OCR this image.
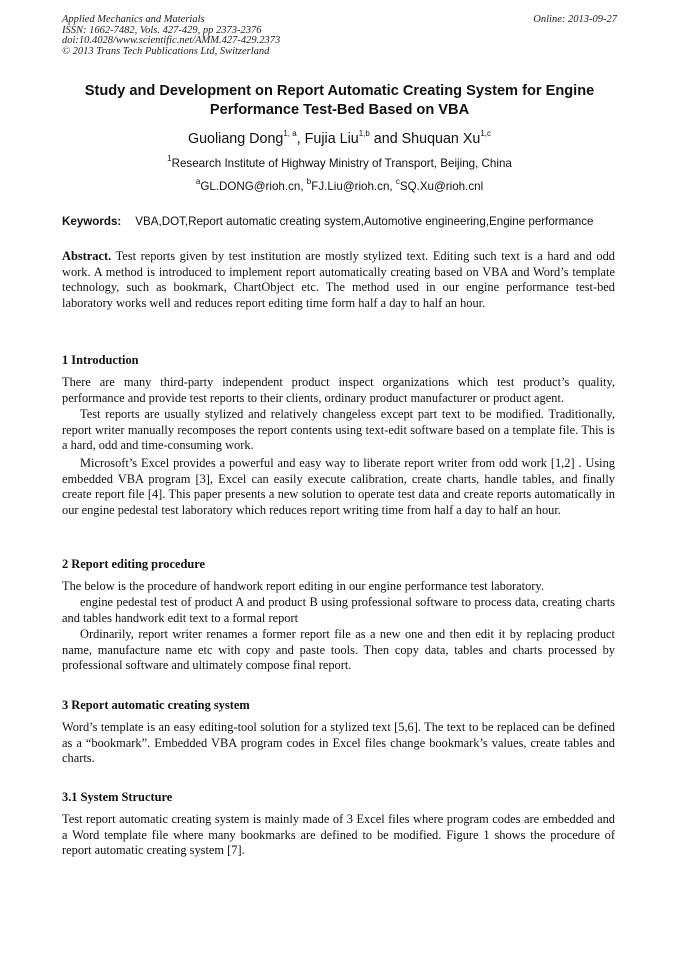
Applied Mechanics and Materials
ISSN: 1662-7482, Vols. 427-429, pp 2373-2376
doi:10.4028/www.scientific.net/AMM.427-429.2373
© 2013 Trans Tech Publications Ltd, Switzerland
Online: 2013-09-27
Study and Development on Report Automatic Creating System for Engine Performance Test-Bed Based on VBA
Guoliang Dong$^{1, a}$, Fujia Liu$^{1,b}$ and Shuquan Xu$^{1,c}$
$^1$Research Institute of Highway Ministry of Transport, Beijing, China
$^a$GL.DONG@rioh.cn, $^b$FJ.Liu@rioh.cn, $^c$SQ.Xu@rioh.cnl
Keywords: VBA,DOT,Report automatic creating system,Automotive engineering,Engine performance

Abstract. Test reports given by test institution are mostly stylized text. Editing such text is a hard and odd work. A method is introduced to implement report automatically creating based on VBA and Word’s template technology, such as bookmark, ChartObject etc. The method used in our engine performance test-bed laboratory works well and reduces report editing time form half a day to half an hour.

1 Introduction

There are many third-party independent product inspect organizations which test product’s quality, performance and provide test reports to their clients, ordinary product manufacturer or product agent.

Test reports are usually stylized and relatively changeless except part text to be modified. Traditionally, report writer manually recomposes the report contents using text-edit software based on a template file. This is a hard, odd and time-consuming work.

Microsoft’s Excel provides a powerful and easy way to liberate report writer from odd work [1,2] . Using embedded VBA program [3], Excel can easily execute calibration, create charts, handle tables, and finally create report file [4]. This paper presents a new solution to operate test data and create reports automatically in our engine pedestal test laboratory which reduces report writing time from half a day to half an hour.

2 Report editing procedure

The below is the procedure of handwork report editing in our engine performance test laboratory.

engine pedestal test of product A and product B using professional software to process data, creating charts and tables handwork edit text to a formal report

Ordinarily, report writer renames a former report file as a new one and then edit it by replacing product name, manufacture name etc with copy and paste tools. Then copy data, tables and charts processed by professional software and ultimately compose final report.

3 Report automatic creating system

Word’s template is an easy editing-tool solution for a stylized text [5,6]. The text to be replaced can be defined as a “bookmark”. Embedded VBA program codes in Excel files change bookmark’s values, create tables and charts.

3.1 System Structure

Test report automatic creating system is mainly made of 3 Excel files where program codes are embedded and a Word template file where many bookmarks are defined to be modified. Figure 1 shows the procedure of report automatic creating system [7].
